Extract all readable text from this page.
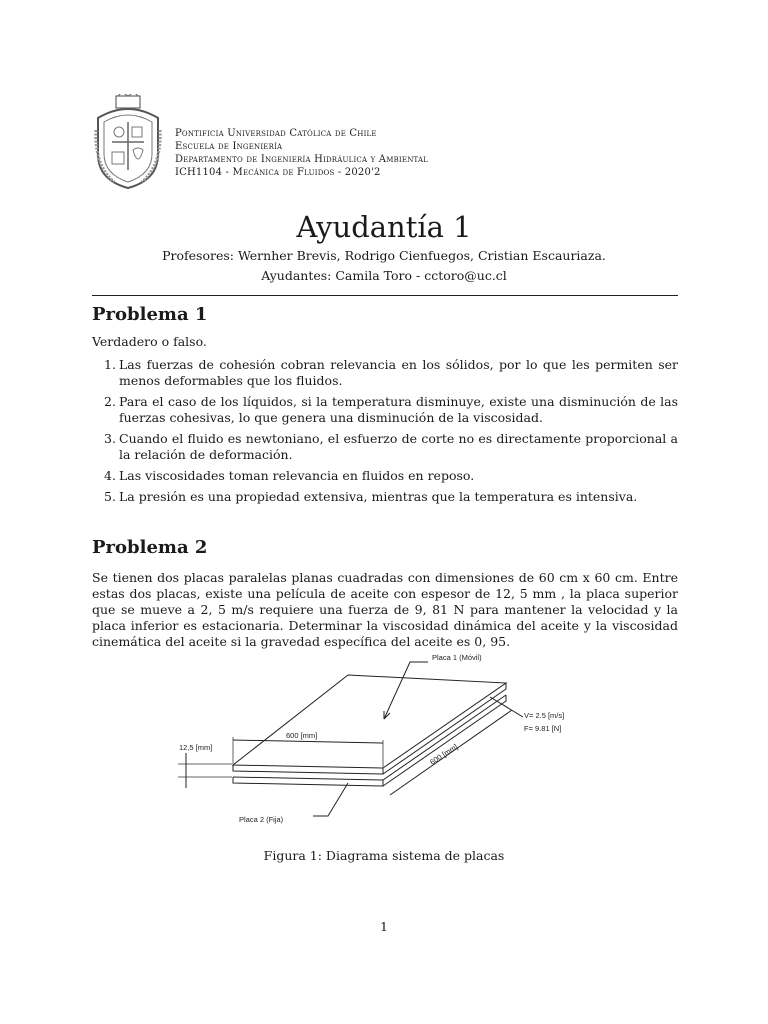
Pontificia Universidad Católica de Chile
Escuela de Ingeniería
Departamento de Ingeniería Hidráulica y Ambiental
ICH1104 - Mecánica de Fluidos - 2020'2
Ayudantía 1
Profesores: Wernher Brevis, Rodrigo Cienfuegos, Cristian Escauriaza.
Ayudantes: Camila Toro - cctoro@uc.cl
Problema 1
Verdadero o falso.
1. Las fuerzas de cohesión cobran relevancia en los sólidos, por lo que les permiten ser menos deformables que los fluidos.
2. Para el caso de los líquidos, si la temperatura disminuye, existe una disminución de las fuerzas cohesivas, lo que genera una disminución de la viscosidad.
3. Cuando el fluido es newtoniano, el esfuerzo de corte no es directamente proporcional a la relación de deformación.
4. Las viscosidades toman relevancia en fluidos en reposo.
5. La presión es una propiedad extensiva, mientras que la temperatura es intensiva.
Problema 2
Se tienen dos placas paralelas planas cuadradas con dimensiones de 60 cm x 60 cm. Entre estas dos placas, existe una película de aceite con espesor de 12, 5 mm , la placa superior que se mueve a 2, 5 m/s requiere una fuerza de 9, 81 N para mantener la velocidad y la placa inferior es estacionaria. Determinar la viscosidad dinámica del aceite y la viscosidad cinemática del aceite si la gravedad específica del aceite es 0, 95.
Placa 1 (Móvil)
V= 2.5 [m/s]
F= 9.81 [N]
600 [mm]
600 [mm]
12,5 [mm]
Placa 2 (Fija)
Figura 1: Diagrama sistema de placas
1
